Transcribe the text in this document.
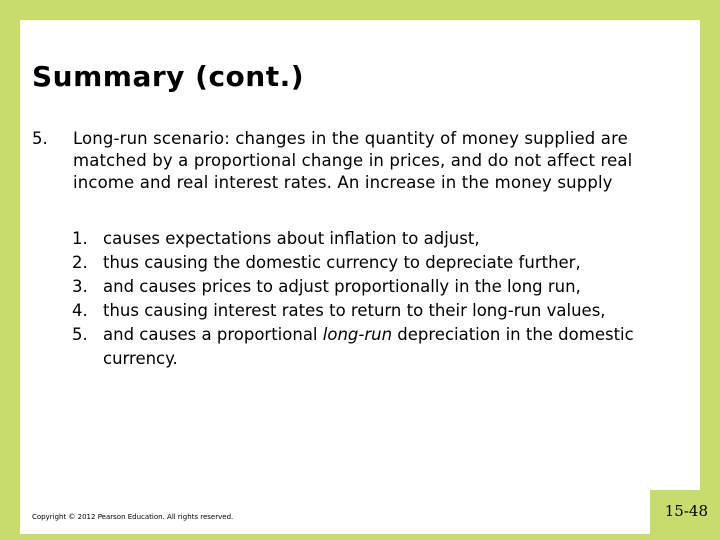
Summary (cont.)
5. Long-run scenario: changes in the quantity of money supplied are matched by a proportional change in prices, and do not affect real income and real interest rates. An increase in the money supply
1. causes expectations about inflation to adjust,
2. thus causing the domestic currency to depreciate further,
3. and causes prices to adjust proportionally in the long run,
4. thus causing interest rates to return to their long-run values,
5. and causes a proportional long-run depreciation in the domestic currency.
Copyright © 2012 Pearson Education. All rights reserved.	15-48
